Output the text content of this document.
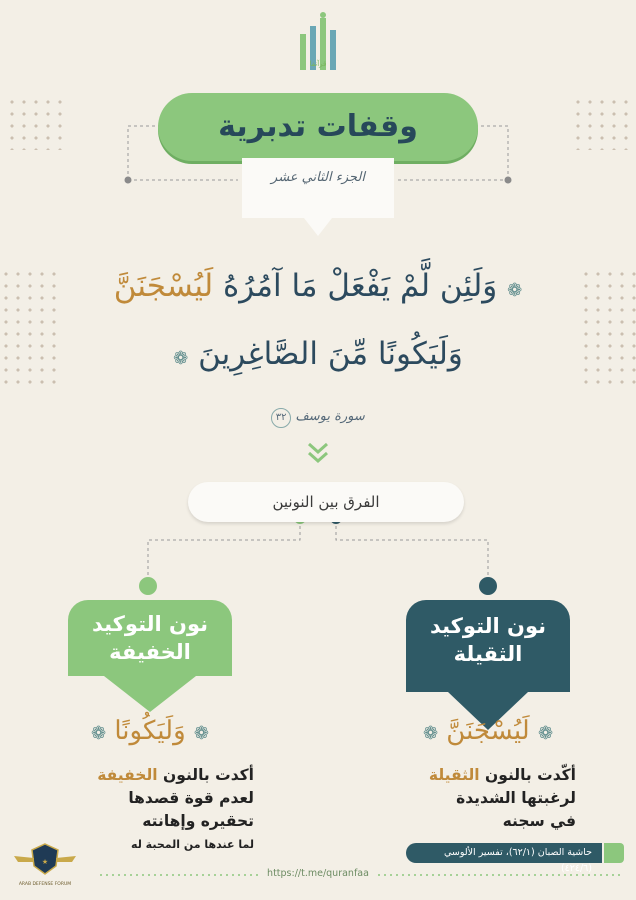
قرآنفا
وقفات تدبرية
الجزء الثاني عشر
❁ وَلَئِن لَّمْ يَفْعَلْ مَا آمُرُهُ لَيُسْجَنَنَّ
وَلَيَكُونًا مِّنَ الصَّاغِرِينَ ❁
سورة يوسف ٣٢
الفرق بين النونين
نون التوكيد
الثقيلة
❁ لَيُسْجَنَنَّ ❁
أكّدت بالنون الثقيلة
لرغبتها الشديدة
في سجنه
نون التوكيد
الخفيفة
❁ وَلَيَكُونًا ❁
أكدت بالنون الخفيفة
لعدم قوة قصدها
تحقيره وإهانته
لما عندها من المحبة له
حاشية الصبان (٦٢/١)، تفسير الألوسي (٤٢٤/٦)
https://t.me/quranfaa
★
ARAB DEFENSE FORUM
